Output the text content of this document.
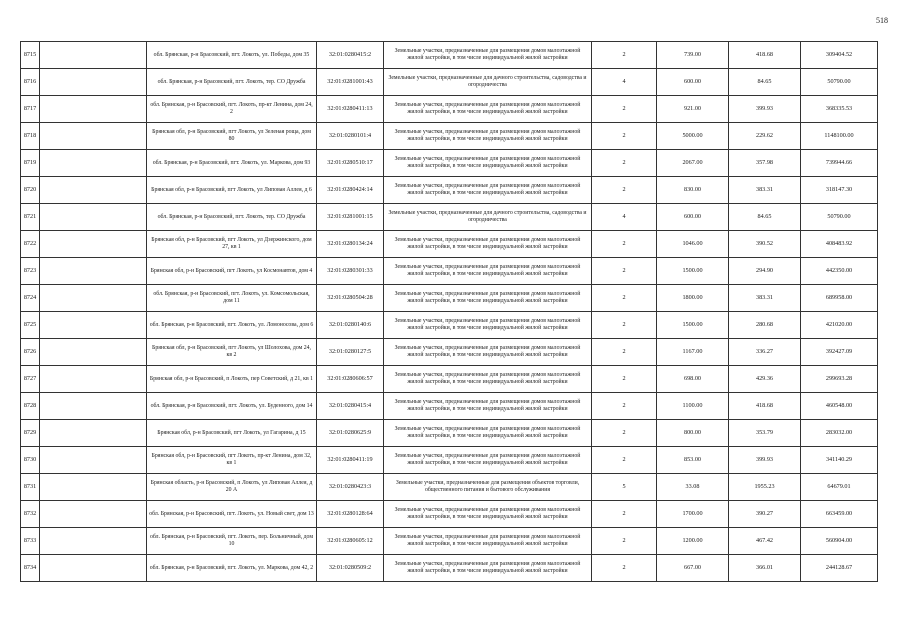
518
8715		обл. Брянская, р-н Брасовский, пгт. Локоть, ул. Победы, дом 35	32:01:0280415:2	Земельные участки, предназначенные для размещения домов малоэтажной жилой застройки, в том числе индивидуальной жилой застройки	2	739.00	418.68	309404.52
8716		обл. Брянская, р-н Брасовский, пгт. Локоть, тер. СО Дружба	32:01:0281001:43	Земельные участки, предназначенные для дачного строительства, садоводства и огородничества	4	600.00	84.65	50790.00
8717		обл. Брянская, р-н Брасовский, пгт. Локоть, пр-кт Ленина, дом 24, 2	32:01:0280411:13	Земельные участки, предназначенные для размещения домов малоэтажной жилой застройки, в том числе индивидуальной жилой застройки	2	921.00	399.93	368335.53
8718		Брянская обл, р-н Брасовский, пгт Локоть, ул Зеленая роща, дом 80	32:01:0280101:4	Земельные участки, предназначенные для размещения домов малоэтажной жилой застройки, в том числе индивидуальной жилой застройки	2	5000.00	229.62	1148100.00
8719		обл. Брянская, р-н Брасовский, пгт. Локоть, ул. Маркова, дом 93	32:01:0280510:17	Земельные участки, предназначенные для размещения домов малоэтажной жилой застройки, в том числе индивидуальной жилой застройки	2	2067.00	357.98	739944.66
8720		Брянская обл, р-н Брасовский, пгт Локоть, ул Липовая Аллея, д 6	32:01:0280424:14	Земельные участки, предназначенные для размещения домов малоэтажной жилой застройки, в том числе индивидуальной жилой застройки	2	830.00	383.31	318147.30
8721		обл. Брянская, р-н Брасовский, пгт. Локоть, тер. СО Дружба	32:01:0281001:15	Земельные участки, предназначенные для дачного строительства, садоводства и огородничества	4	600.00	84.65	50790.00
8722		Брянская обл, р-н Брасовский, пгт Локоть, ул Дзержинского, дом 27, кв 1	32:01:0280134:24	Земельные участки, предназначенные для размещения домов малоэтажной жилой застройки, в том числе индивидуальной жилой застройки	2	1046.00	390.52	408483.92
8723		Брянская обл, р-н Брасовский, пгт Локоть, ул Космонавтов, дом 4	32:01:0280301:33	Земельные участки, предназначенные для размещения домов малоэтажной жилой застройки, в том числе индивидуальной жилой застройки	2	1500.00	294.90	442350.00
8724		обл. Брянская, р-н Брасовский, пгт. Локоть, ул. Комсомольская, дом 11	32:01:0280504:28	Земельные участки, предназначенные для размещения домов малоэтажной жилой застройки, в том числе индивидуальной жилой застройки	2	1800.00	383.31	689958.00
8725		обл. Брянская, р-н Брасовский, пгт. Локоть, ул. Ломоносова, дом 6	32:01:0280140:6	Земельные участки, предназначенные для размещения домов малоэтажной жилой застройки, в том числе индивидуальной жилой застройки	2	1500.00	280.68	421020.00
8726		Брянская обл, р-н Брасовский, пгт Локоть, ул Шолохова, дом 24, кв 2	32:01:0280127:5	Земельные участки, предназначенные для размещения домов малоэтажной жилой застройки, в том числе индивидуальной жилой застройки	2	1167.00	336.27	392427.09
8727		Брянская обл, р-н Брасовский, п Локоть, пер Советский, д 21, кв 1	32:01:0280606:57	Земельные участки, предназначенные для размещения домов малоэтажной жилой застройки, в том числе индивидуальной жилой застройки	2	698.00	429.36	299693.28
8728		обл. Брянская, р-н Брасовский, пгт. Локоть, ул. Буденного, дом 14	32:01:0280415:4	Земельные участки, предназначенные для размещения домов малоэтажной жилой застройки, в том числе индивидуальной жилой застройки	2	1100.00	418.68	460548.00
8729		Брянская обл, р-н Брасовский, пгт Локоть, ул Гагарина, д 15	32:01:0280625:9	Земельные участки, предназначенные для размещения домов малоэтажной жилой застройки, в том числе индивидуальной жилой застройки	2	800.00	353.79	283032.00
8730		Брянская обл, р-н Брасовский, пгт Локоть, пр-кт Ленина, дом 32, кв 1	32:01:0280411:19	Земельные участки, предназначенные для размещения домов малоэтажной жилой застройки, в том числе индивидуальной жилой застройки	2	853.00	399.93	341140.29
8731		Брянская область, р-н Брасовский, п Локоть, ул Липовая Аллея, д 20 А	32:01:0280423:3	Земельные участки, предназначенные для размещения объектов торговли, общественного питания и бытового обслуживания	5	33.08	1955.23	64679.01
8732		обл. Брянская, р-н Брасовский, пгт. Локоть, ул. Новый свет, дом 13	32:01:0280128:64	Земельные участки, предназначенные для размещения домов малоэтажной жилой застройки, в том числе индивидуальной жилой застройки	2	1700.00	390.27	663459.00
8733		обл. Брянская, р-н Брасовский, пгт. Локоть, пер. Больничный, дом 10	32:01:0280605:12	Земельные участки, предназначенные для размещения домов малоэтажной жилой застройки, в том числе индивидуальной жилой застройки	2	1200.00	467.42	560904.00
8734		обл. Брянская, р-н Брасовский, пгт. Локоть, ул. Маркова, дом 42, 2	32:01:0280509:2	Земельные участки, предназначенные для размещения домов малоэтажной жилой застройки, в том числе индивидуальной жилой застройки	2	667.00	366.01	244128.67
